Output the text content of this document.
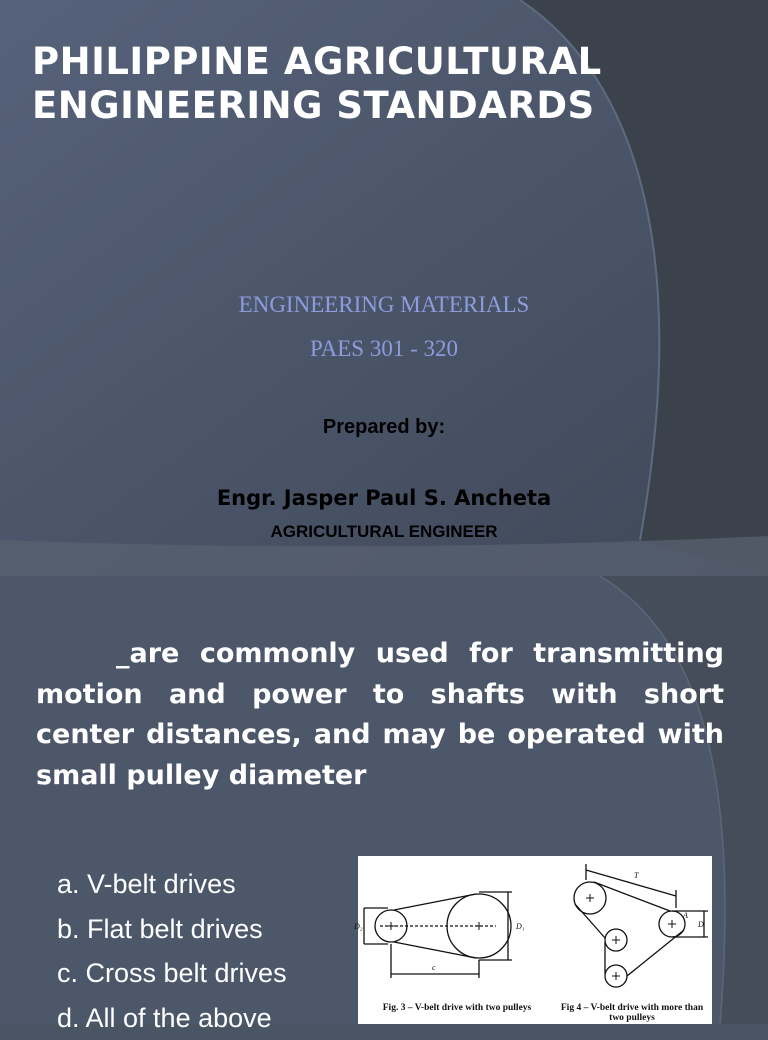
PHILIPPINE AGRICULTURAL ENGINEERING STANDARDS
ENGINEERING MATERIALS
PAES 301 - 320
Prepared by:
Engr. Jasper Paul S. Ancheta
AGRICULTURAL ENGINEER
D₂	D₁
c
T
D
A
Fig. 3 – V-belt drive with two pulleys	Fig 4 – V-belt drive with more than two pulleys

_are commonly used for transmitting motion and power to shafts with short center distances, and may be operated with small pulley diameter

a. V-belt drives
b. Flat belt drives
c. Cross belt drives
d. All of the above
